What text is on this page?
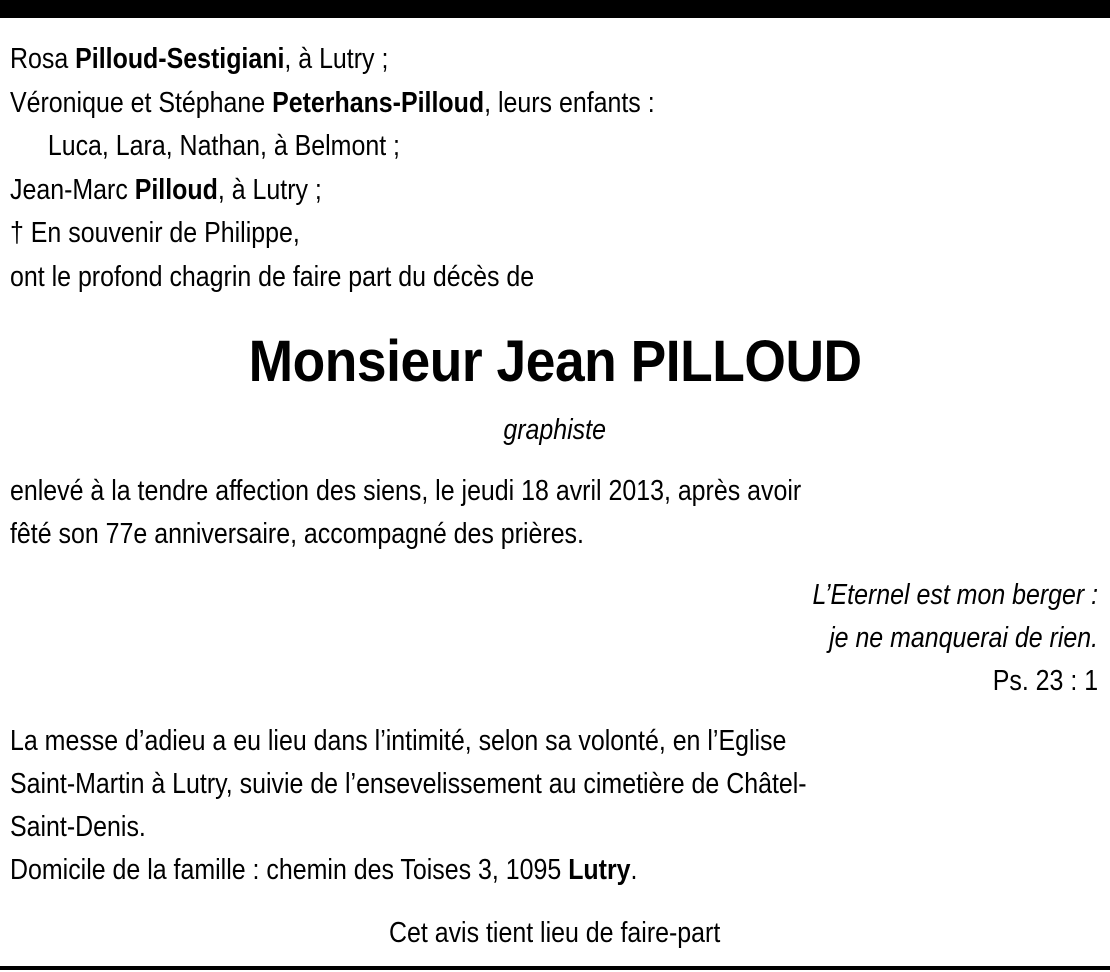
Rosa Pilloud-Sestigiani, à Lutry ;
Véronique et Stéphane Peterhans-Pilloud, leurs enfants :
Luca, Lara, Nathan, à Belmont ;
Jean-Marc Pilloud, à Lutry ;
† En souvenir de Philippe,
ont le profond chagrin de faire part du décès de
Monsieur Jean PILLOUD
graphiste
enlevé à la tendre affection des siens, le jeudi 18 avril 2013, après avoir
fêté son 77e anniversaire, accompagné des prières.
L’Eternel est mon berger :
je ne manquerai de rien.
Ps. 23 : 1
La messe d’adieu a eu lieu dans l’intimité, selon sa volonté, en l’Eglise
Saint-Martin à Lutry, suivie de l’ensevelissement au cimetière de Châtel-
Saint-Denis.
Domicile de la famille : chemin des Toises 3, 1095 Lutry.
Cet avis tient lieu de faire-part
